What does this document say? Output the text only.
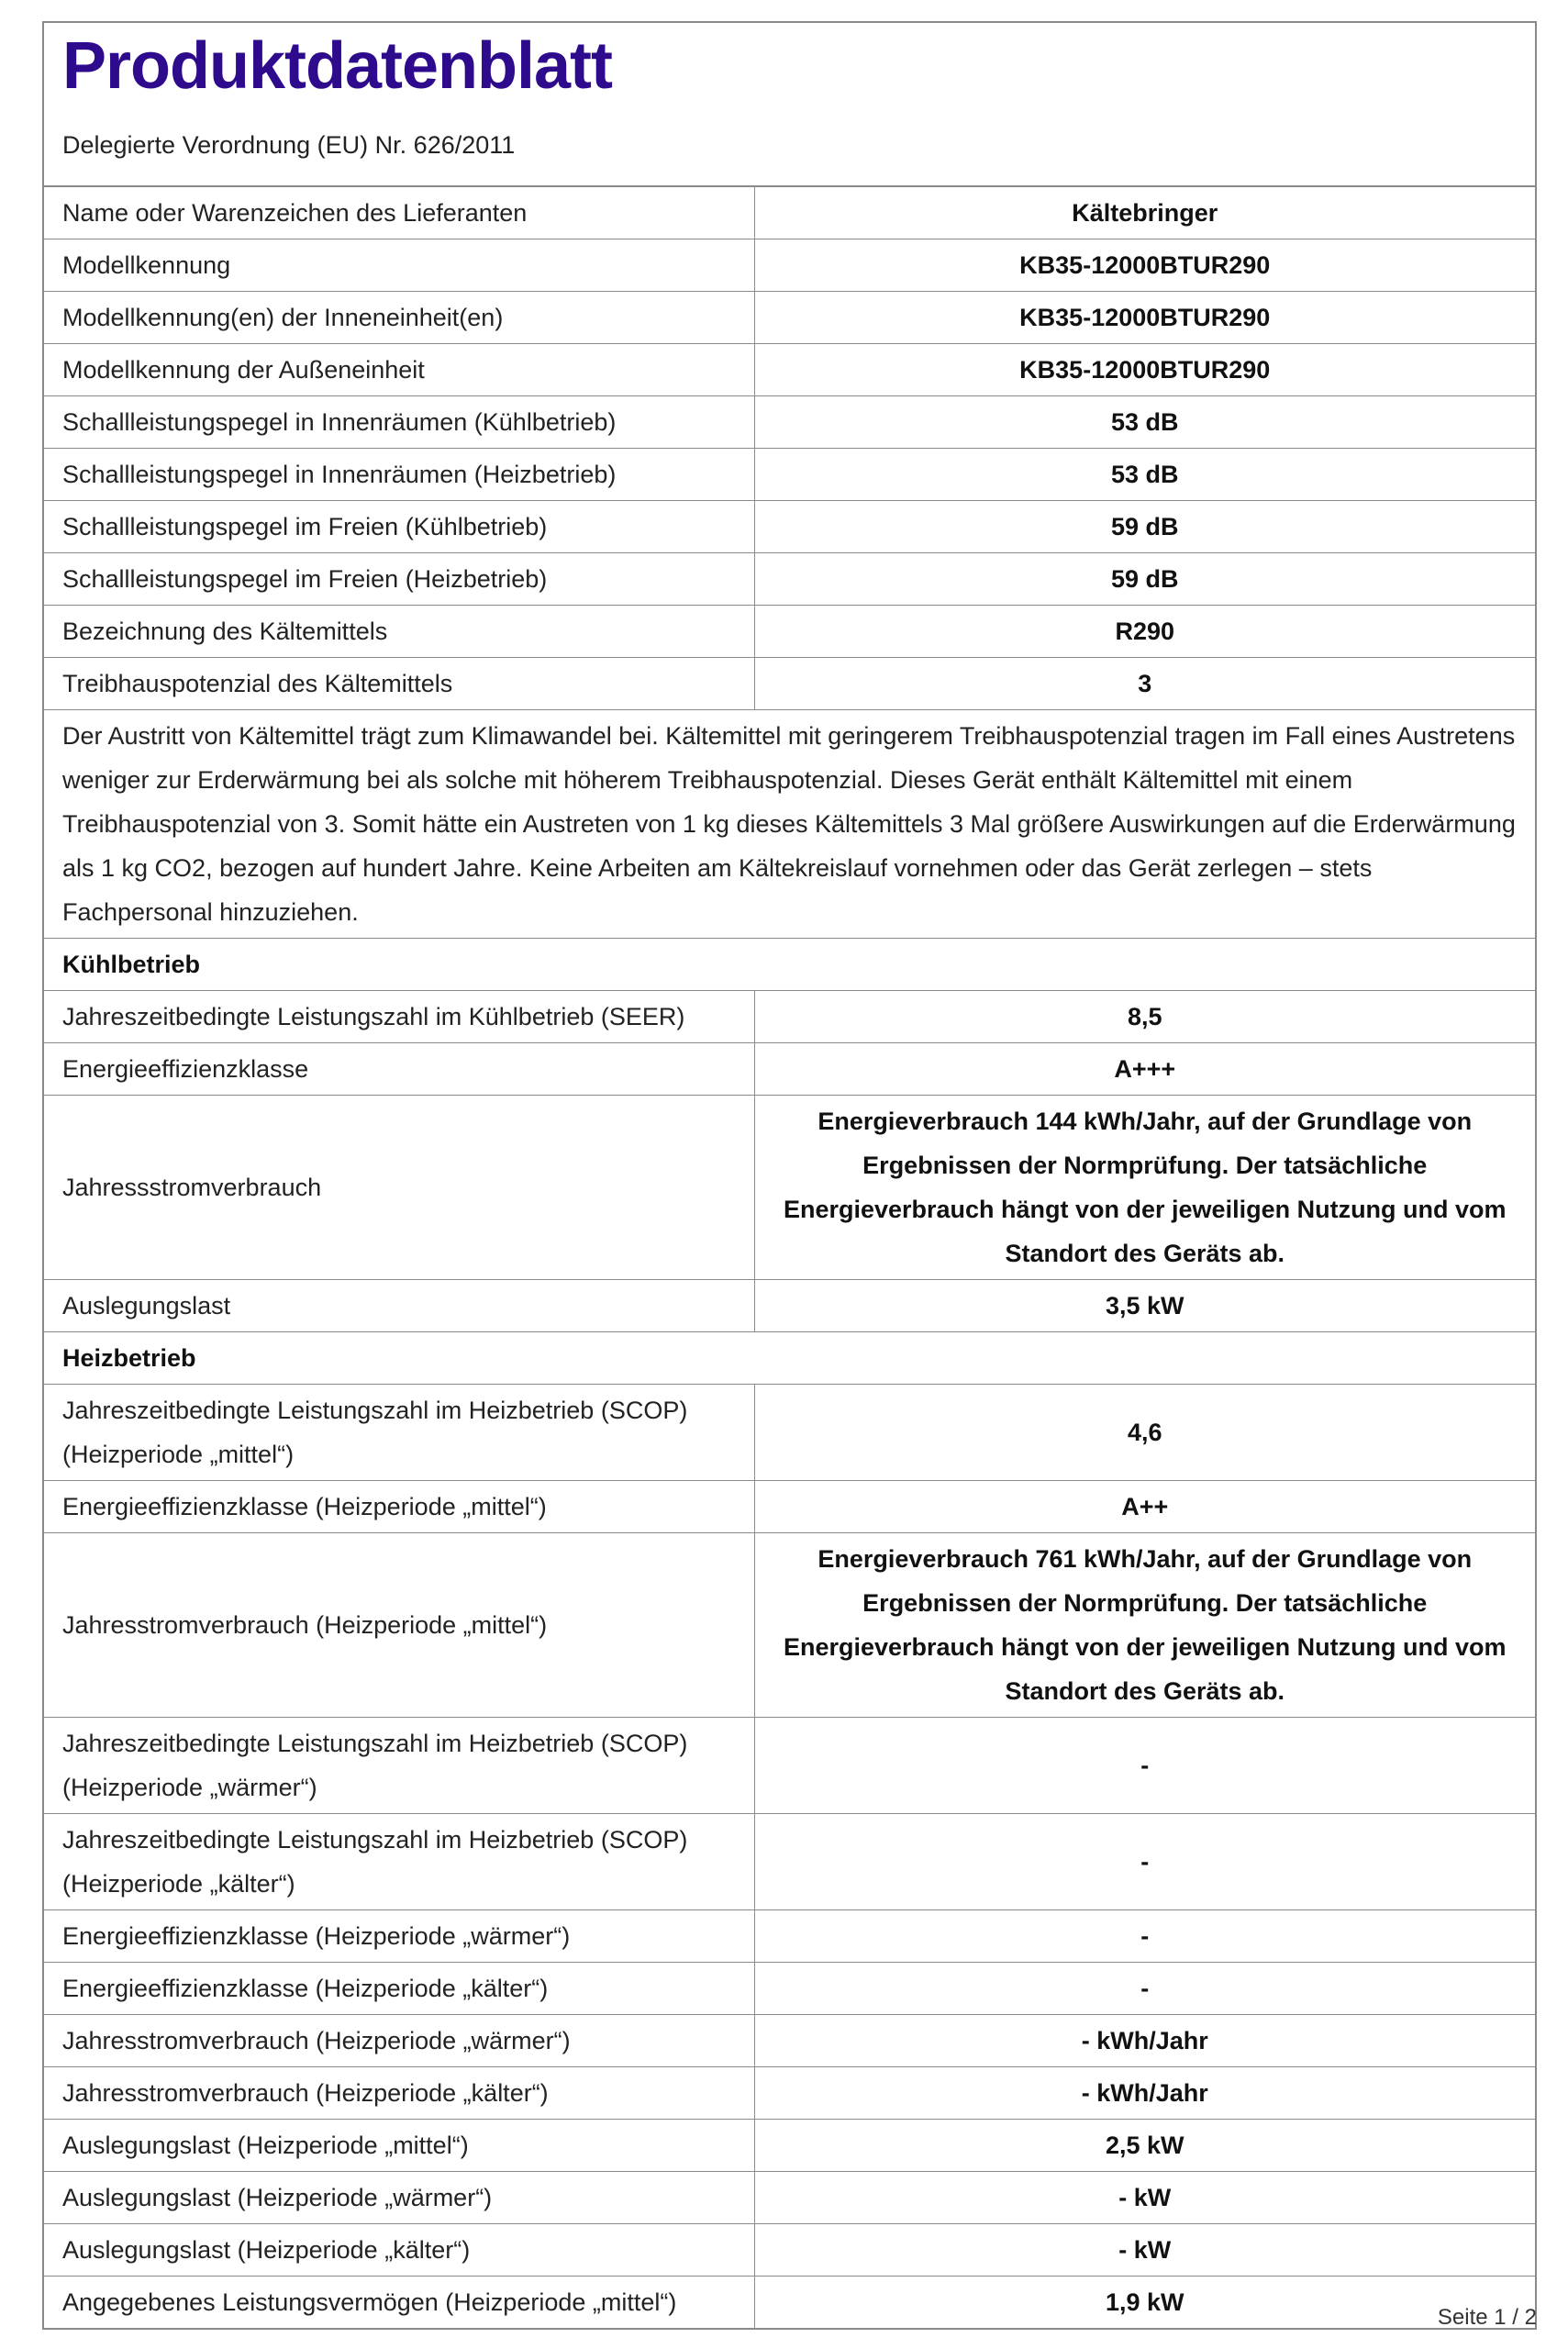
Produktdatenblatt
Delegierte Verordnung (EU) Nr. 626/2011
Name oder Warenzeichen des Lieferanten	Kältebringer
Modellkennung	KB35-12000BTUR290
Modellkennung(en) der Inneneinheit(en)	KB35-12000BTUR290
Modellkennung der Außeneinheit	KB35-12000BTUR290
Schallleistungspegel in Innenräumen (Kühlbetrieb)	53 dB
Schallleistungspegel in Innenräumen (Heizbetrieb)	53 dB
Schallleistungspegel im Freien (Kühlbetrieb)	59 dB
Schallleistungspegel im Freien (Heizbetrieb)	59 dB
Bezeichnung des Kältemittels	R290
Treibhauspotenzial des Kältemittels	3
Der Austritt von Kältemittel trägt zum Klimawandel bei. Kältemittel mit geringerem Treibhauspotenzial tragen im Fall eines Austretens weniger zur Erderwärmung bei als solche mit höherem Treibhauspotenzial. Dieses Gerät enthält Kältemittel mit einem Treibhauspotenzial von 3. Somit hätte ein Austreten von 1 kg dieses Kältemittels 3 Mal größere Auswirkungen auf die Erderwärmung als 1 kg CO2, bezogen auf hundert Jahre. Keine Arbeiten am Kältekreislauf vornehmen oder das Gerät zerlegen – stets Fachpersonal hinzuziehen.	
Kühlbetrieb	
Jahreszeitbedingte Leistungszahl im Kühlbetrieb (SEER)	8,5
Energieeffizienzklasse	A+++
Jahressstromverbrauch	Energieverbrauch 144 kWh/Jahr, auf der Grundlage von Ergebnissen der Normprüfung. Der tatsächliche Energieverbrauch hängt von der jeweiligen Nutzung und vom Standort des Geräts ab.
Auslegungslast	3,5 kW
Heizbetrieb	
Jahreszeitbedingte Leistungszahl im Heizbetrieb (SCOP) (Heizperiode „mittel“)	4,6
Energieeffizienzklasse (Heizperiode „mittel“)	A++
Jahresstromverbrauch (Heizperiode „mittel“)	Energieverbrauch 761 kWh/Jahr, auf der Grundlage von Ergebnissen der Normprüfung. Der tatsächliche Energieverbrauch hängt von der jeweiligen Nutzung und vom Standort des Geräts ab.
Jahreszeitbedingte Leistungszahl im Heizbetrieb (SCOP) (Heizperiode „wärmer“)	-
Jahreszeitbedingte Leistungszahl im Heizbetrieb (SCOP) (Heizperiode „kälter“)	-
Energieeffizienzklasse (Heizperiode „wärmer“)	-
Energieeffizienzklasse (Heizperiode „kälter“)	-
Jahresstromverbrauch (Heizperiode „wärmer“)	- kWh/Jahr
Jahresstromverbrauch (Heizperiode „kälter“)	- kWh/Jahr
Auslegungslast (Heizperiode „mittel“)	2,5 kW
Auslegungslast (Heizperiode „wärmer“)	- kW
Auslegungslast (Heizperiode „kälter“)	- kW
Angegebenes Leistungsvermögen (Heizperiode „mittel“)	1,9 kW
Seite 1 / 2
